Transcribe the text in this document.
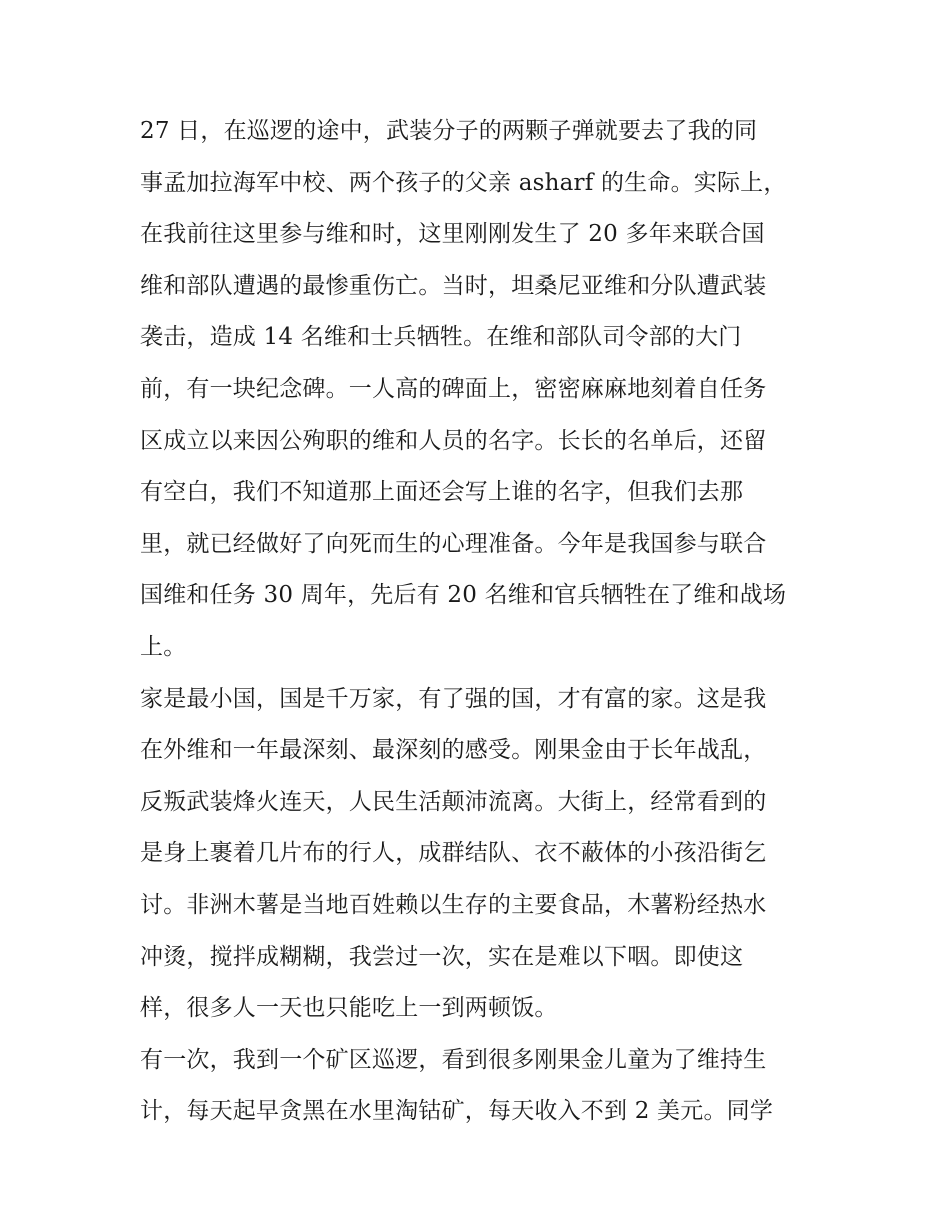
27 日，在巡逻的途中，武装分子的两颗子弹就要去了我的同
事孟加拉海军中校、两个孩子的父亲 asharf 的生命。实际上，
在我前往这里参与维和时，这里刚刚发生了 20 多年来联合国
维和部队遭遇的最惨重伤亡。当时，坦桑尼亚维和分队遭武装
袭击，造成 14 名维和士兵牺牲。在维和部队司令部的大门
前，有一块纪念碑。一人高的碑面上，密密麻麻地刻着自任务
区成立以来因公殉职的维和人员的名字。长长的名单后，还留
有空白，我们不知道那上面还会写上谁的名字，但我们去那
里，就已经做好了向死而生的心理准备。今年是我国参与联合
国维和任务 30 周年，先后有 20 名维和官兵牺牲在了维和战场
上。
家是最小国，国是千万家，有了强的国，才有富的家。这是我
在外维和一年最深刻、最深刻的感受。刚果金由于长年战乱，
反叛武装烽火连天，人民生活颠沛流离。大街上，经常看到的
是身上裹着几片布的行人，成群结队、衣不蔽体的小孩沿街乞
讨。非洲木薯是当地百姓赖以生存的主要食品，木薯粉经热水
冲烫，搅拌成糊糊，我尝过一次，实在是难以下咽。即使这
样，很多人一天也只能吃上一到两顿饭。
有一次，我到一个矿区巡逻，看到很多刚果金儿童为了维持生
计，每天起早贪黑在水里淘钴矿，每天收入不到 2 美元。同学
